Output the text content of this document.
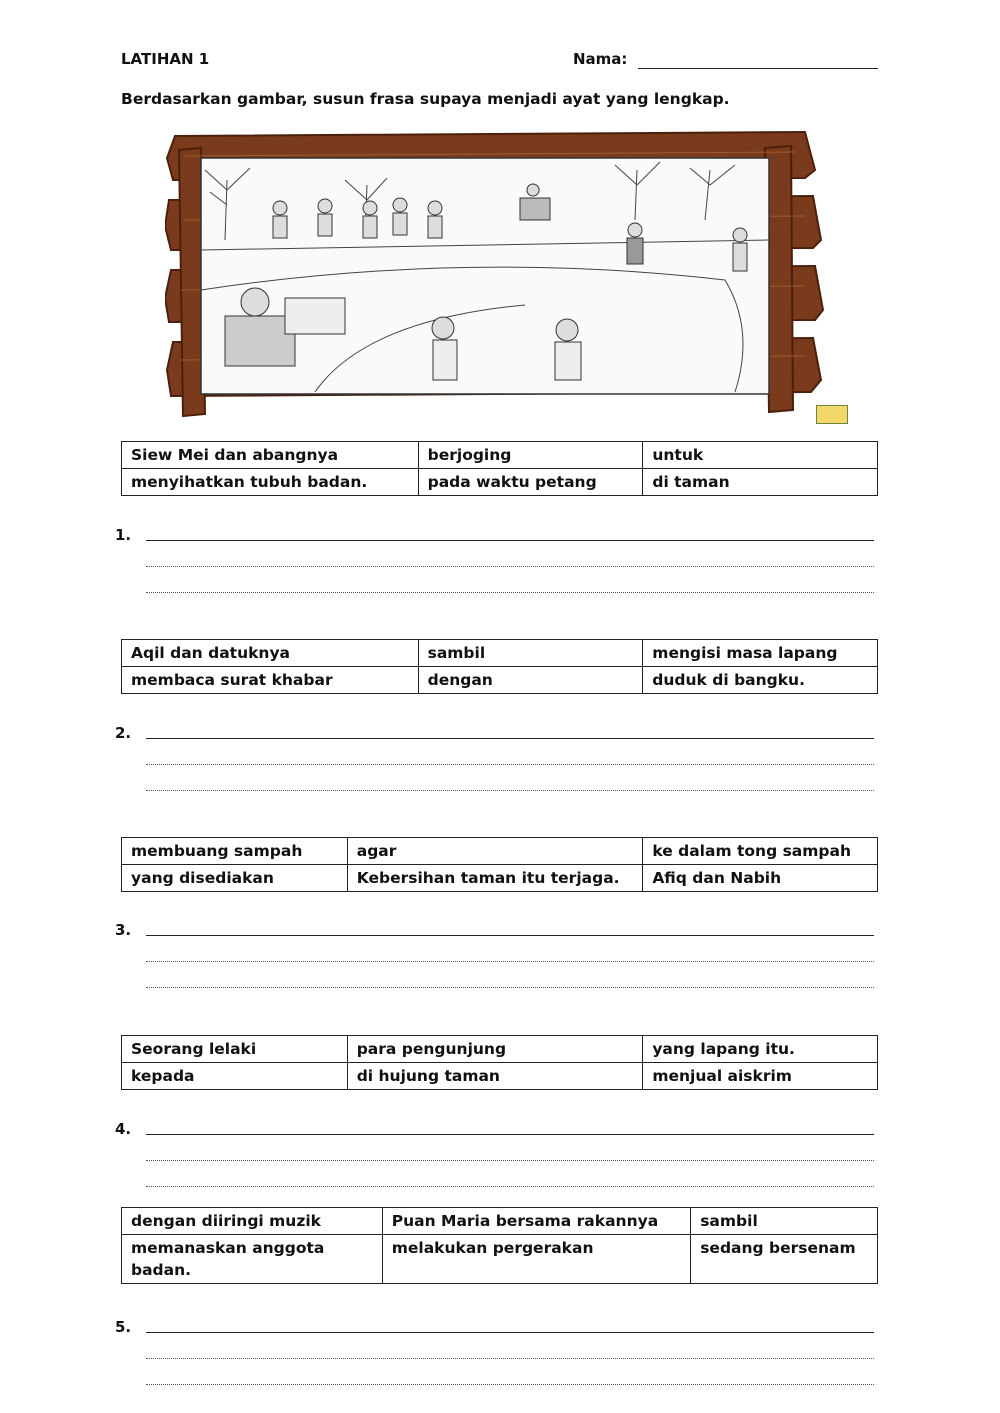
LATIHAN 1	Nama:
Berdasarkan gambar, susun frasa supaya menjadi ayat yang lengkap.
Siew Mei dan abangnya	berjoging	untuk
menyihatkan tubuh badan.	pada waktu petang	di taman
1.
Aqil dan datuknya	sambil	mengisi masa lapang
membaca surat khabar	dengan	duduk di bangku.
2.
membuang sampah	agar	ke dalam tong sampah
yang disediakan	Kebersihan taman itu terjaga.	Afiq dan Nabih
3.
Seorang lelaki	para pengunjung	yang lapang itu.
kepada	di hujung taman	menjual aiskrim
4.
dengan diiringi muzik	Puan Maria bersama rakannya	sambil
memanaskan anggota badan.	melakukan pergerakan	sedang bersenam
5.
